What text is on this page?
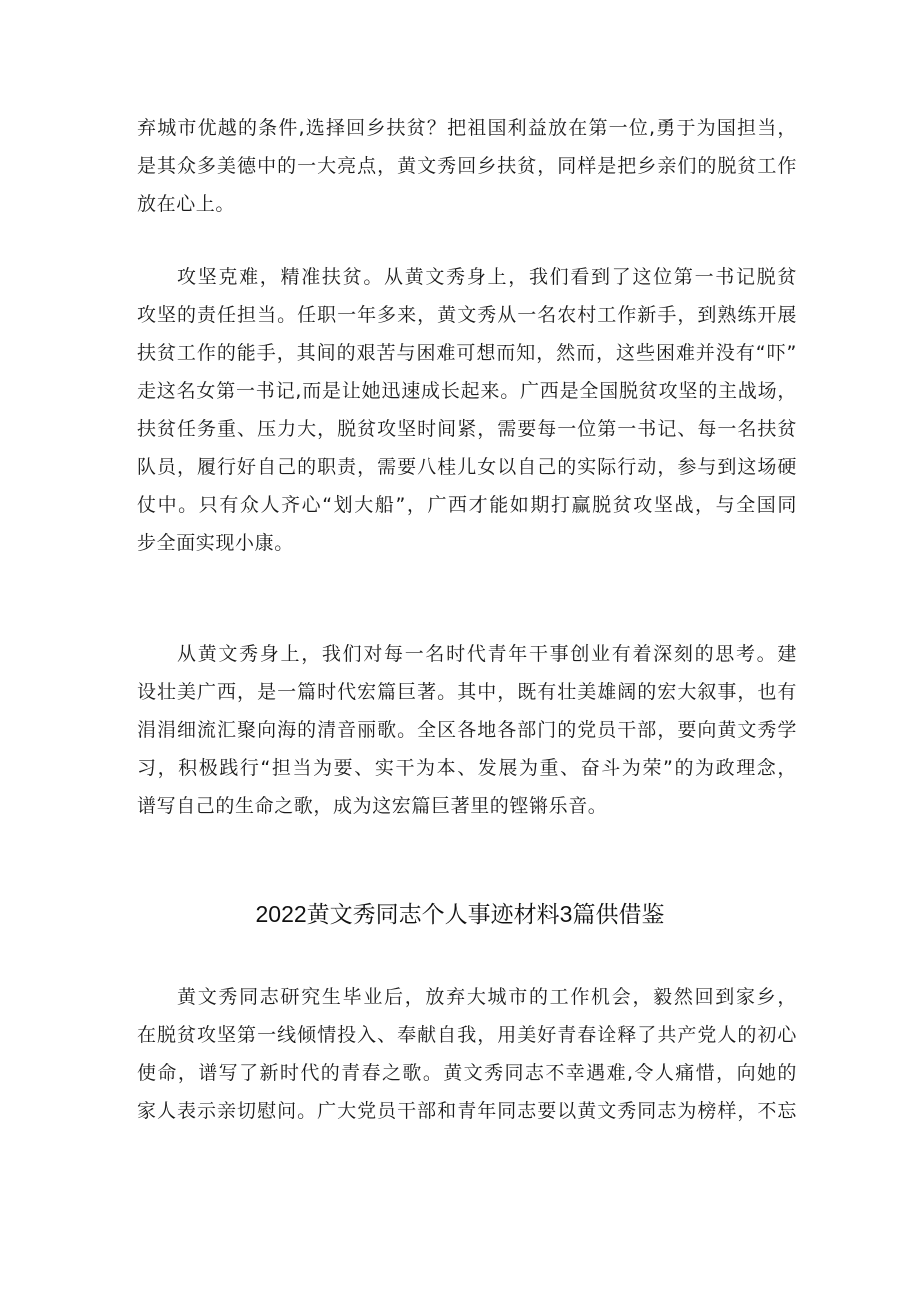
弃城市优越的条件,选择回乡扶贫？把祖国利益放在第一位,勇于为国担当，
是其众多美德中的一大亮点，黄文秀回乡扶贫，同样是把乡亲们的脱贫工作
放在心上。
攻坚克难，精准扶贫。从黄文秀身上，我们看到了这位第一书记脱贫
攻坚的责任担当。任职一年多来，黄文秀从一名农村工作新手，到熟练开展
扶贫工作的能手，其间的艰苦与困难可想而知，然而，这些困难并没有“吓”
走这名女第一书记,而是让她迅速成长起来。广西是全国脱贫攻坚的主战场，
扶贫任务重、压力大，脱贫攻坚时间紧，需要每一位第一书记、每一名扶贫
队员，履行好自己的职责，需要八桂儿女以自己的实际行动，参与到这场硬
仗中。只有众人齐心“划大船”，广西才能如期打赢脱贫攻坚战，与全国同
步全面实现小康。
从黄文秀身上，我们对每一名时代青年干事创业有着深刻的思考。建
设壮美广西，是一篇时代宏篇巨著。其中，既有壮美雄阔的宏大叙事，也有
涓涓细流汇聚向海的清音丽歌。全区各地各部门的党员干部，要向黄文秀学
习，积极践行“担当为要、实干为本、发展为重、奋斗为荣”的为政理念，
谱写自己的生命之歌，成为这宏篇巨著里的铿锵乐音。
2022黄文秀同志个人事迹材料3篇供借鉴
黄文秀同志研究生毕业后，放弃大城市的工作机会，毅然回到家乡，
在脱贫攻坚第一线倾情投入、奉献自我，用美好青春诠释了共产党人的初心
使命，谱写了新时代的青春之歌。黄文秀同志不幸遇难,令人痛惜，向她的
家人表示亲切慰问。广大党员干部和青年同志要以黄文秀同志为榜样，不忘
